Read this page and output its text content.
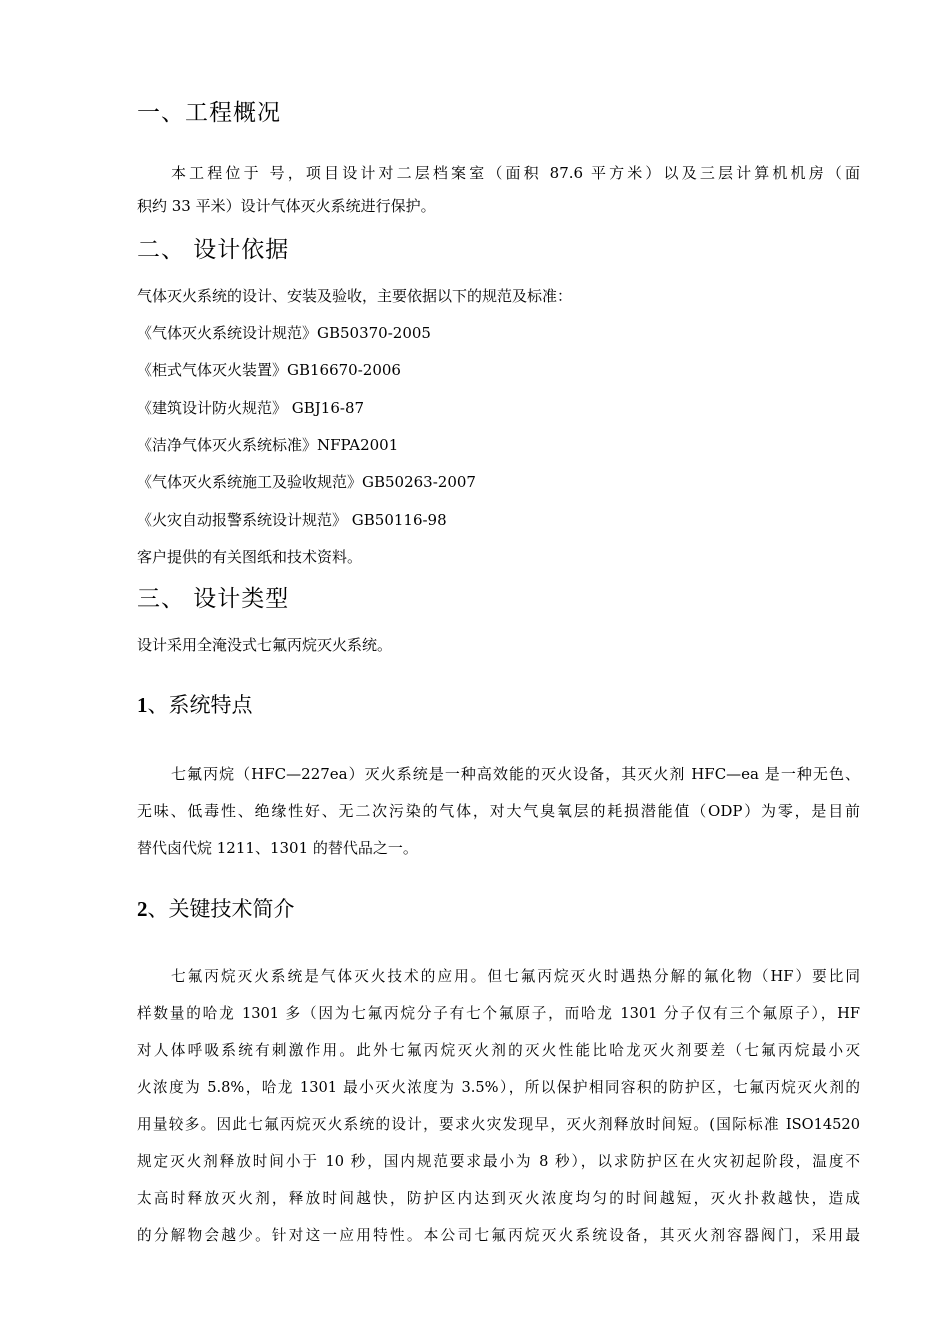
一、工程概况
本工程位于 号，项目设计对二层档案室（面积 87.6 平方米）以及三层计算机机房（面
积约 33 平米）设计气体灭火系统进行保护。
二、 设计依据
气体灭火系统的设计、安装及验收，主要依据以下的规范及标准：
《气体灭火系统设计规范》GB50370-2005
《柜式气体灭火装置》GB16670-2006
《建筑设计防火规范》 GBJ16-87
《洁净气体灭火系统标准》NFPA2001
《气体灭火系统施工及验收规范》GB50263-2007
《火灾自动报警系统设计规范》 GB50116-98
客户提供的有关图纸和技术资料。
三、 设计类型
设计采用全淹没式七氟丙烷灭火系统。
1、系统特点
七氟丙烷（HFC—227ea）灭火系统是一种高效能的灭火设备，其灭火剂 HFC—ea 是一种无色、
无味、低毒性、绝缘性好、无二次污染的气体，对大气臭氧层的耗损潜能值（ODP）为零，是目前
替代卤代烷 1211、1301 的替代品之一。
2、关键技术简介
七氟丙烷灭火系统是气体灭火技术的应用。但七氟丙烷灭火时遇热分解的氟化物（HF）要比同
样数量的哈龙 1301 多（因为七氟丙烷分子有七个氟原子，而哈龙 1301 分子仅有三个氟原子），HF
对人体呼吸系统有刺激作用。此外七氟丙烷灭火剂的灭火性能比哈龙灭火剂要差（七氟丙烷最小灭
火浓度为 5.8%，哈龙 1301 最小灭火浓度为 3.5%），所以保护相同容积的防护区，七氟丙烷灭火剂的
用量较多。因此七氟丙烷灭火系统的设计，要求火灾发现早，灭火剂释放时间短。(国际标准 ISO14520
规定灭火剂释放时间小于 10 秒，国内规范要求最小为 8 秒），以求防护区在火灾初起阶段，温度不
太高时释放灭火剂，释放时间越快，防护区内达到灭火浓度均匀的时间越短，灭火扑救越快，造成
的分解物会越少。针对这一应用特性。本公司七氟丙烷灭火系统设备，其灭火剂容器阀门，采用最
